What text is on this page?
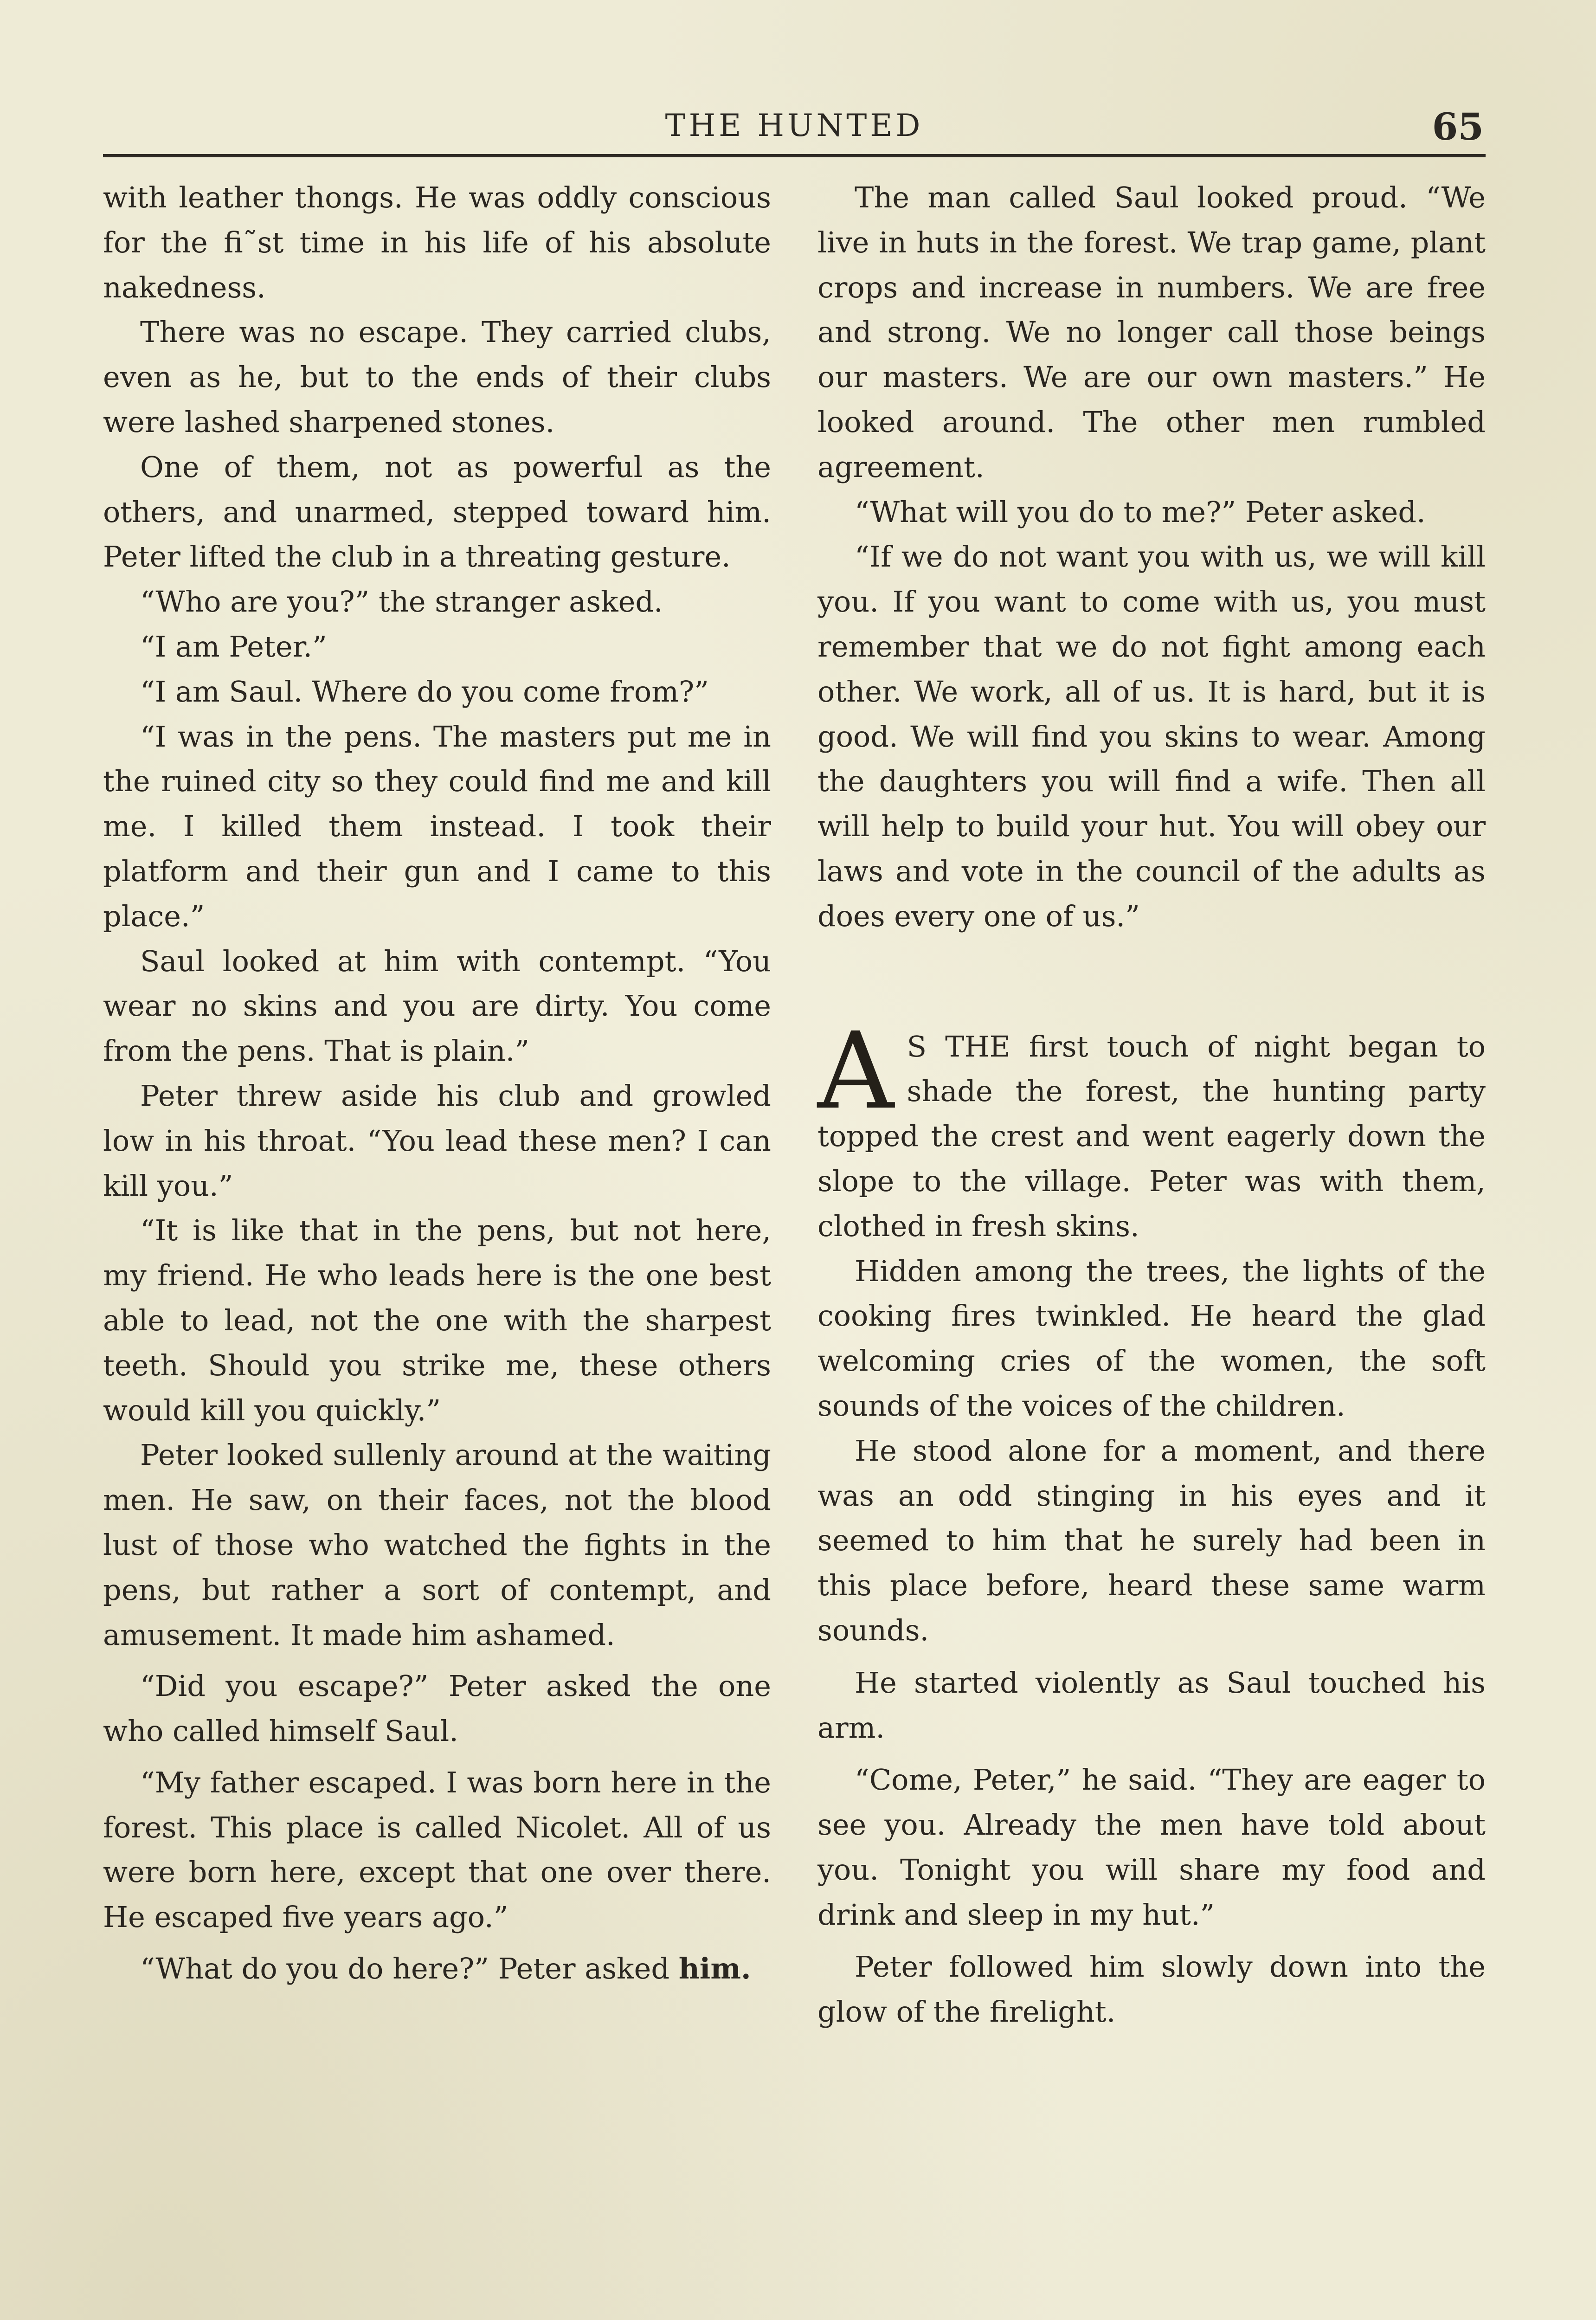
THE HUNTED	65

with leather thongs. He was oddly conscious for the fi˜st time in his life of his absolute nakedness.

There was no escape. They carried clubs, even as he, but to the ends of their clubs were lashed sharpened stones.

One of them, not as powerful as the others, and unarmed, stepped toward him. Peter lifted the club in a threating gesture.

“Who are you?” the stranger asked.

“I am Peter.”

“I am Saul. Where do you come from?”

“I was in the pens. The masters put me in the ruined city so they could find me and kill me. I killed them instead. I took their platform and their gun and I came to this place.”

Saul looked at him with contempt. “You wear no skins and you are dirty. You come from the pens. That is plain.”

Peter threw aside his club and growled low in his throat. “You lead these men? I can kill you.”

“It is like that in the pens, but not here, my friend. He who leads here is the one best able to lead, not the one with the sharpest teeth. Should you strike me, these others would kill you quickly.”

Peter looked sullenly around at the waiting men. He saw, on their faces, not the blood lust of those who watched the fights in the pens, but rather a sort of contempt, and amusement. It made him ashamed.

“Did you escape?” Peter asked the one who called himself Saul.

“My father escaped. I was born here in the forest. This place is called Nicolet. All of us were born here, except that one over there. He escaped five years ago.”

“What do you do here?” Peter asked him.

The man called Saul looked proud. “We live in huts in the forest. We trap game, plant crops and increase in numbers. We are free and strong. We no longer call those beings our masters. We are our own masters.” He looked around. The other men rumbled agreement.

“What will you do to me?” Peter asked.

“If we do not want you with us, we will kill you. If you want to come with us, you must remember that we do not fight among each other. We work, all of us. It is hard, but it is good. We will find you skins to wear. Among the daughters you will find a wife. Then all will help to build your hut. You will obey our laws and vote in the council of the adults as does every one of us.”

A S THE first touch of night began to shade the forest, the hunting party topped the crest and went eagerly down the slope to the village. Peter was with them, clothed in fresh skins.

Hidden among the trees, the lights of the cooking fires twinkled. He heard the glad welcoming cries of the women, the soft sounds of the voices of the children.

He stood alone for a moment, and there was an odd stinging in his eyes and it seemed to him that he surely had been in this place before, heard these same warm sounds.

He started violently as Saul touched his arm.

“Come, Peter,” he said. “They are eager to see you. Already the men have told about you. Tonight you will share my food and drink and sleep in my hut.”

Peter followed him slowly down into the glow of the firelight.
